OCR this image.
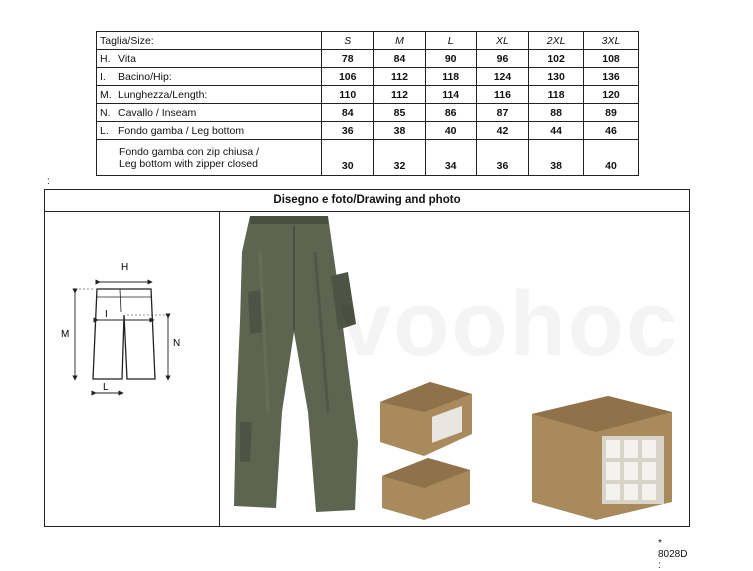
Taglia/Size:	S	M	L	XL	2XL	3XL
H. Vita	78	84	90	96	102	108
I. Bacino/Hip:	106	112	118	124	130	136
M. Lunghezza/Length:	110	112	114	116	118	120
N. Cavallo / Inseam	84	85	86	87	88	89
L. Fondo gamba / Leg bottom	36	38	40	42	44	46

Fondo gamba con zip chiusa /
Leg bottom with zipper closed	30	32	34	36	38	40
:
Disegno e foto/Drawing and photo
H
I
M
N
L
* 8028D :
